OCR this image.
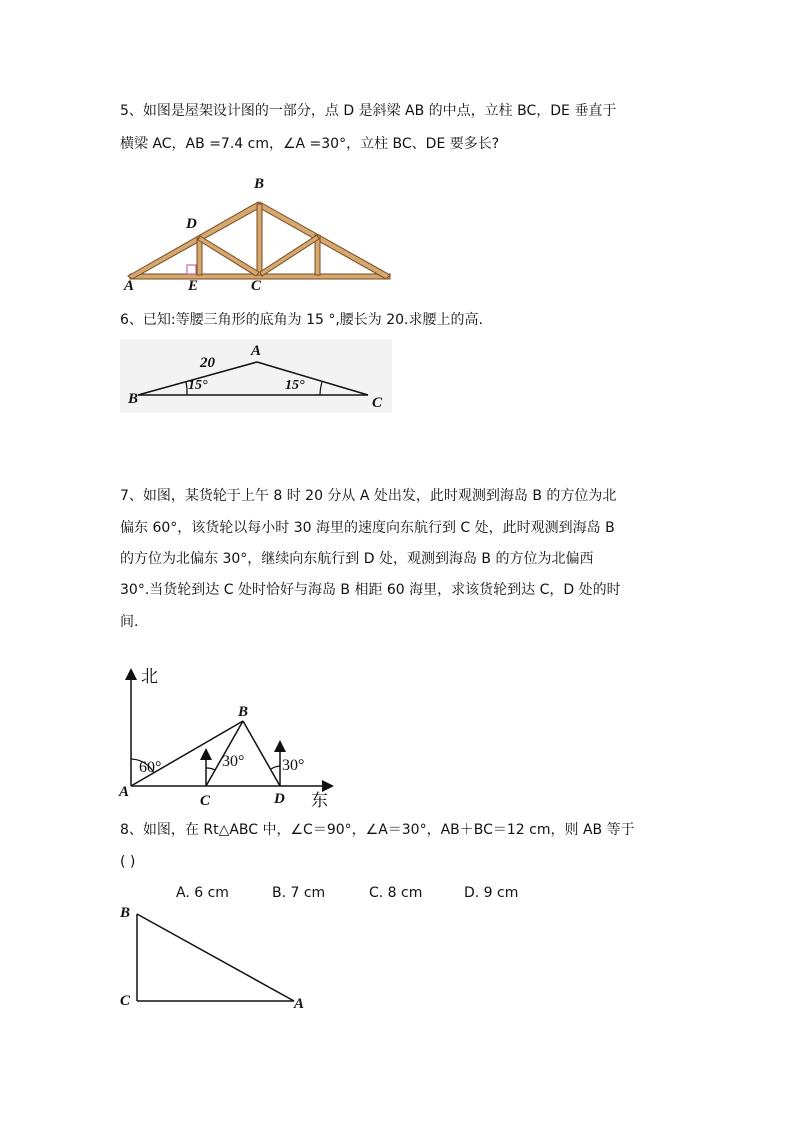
5、如图是屋架设计图的一部分，点 D 是斜梁 AB 的中点，立柱 BC，DE 垂直于
横梁 AC，AB =7.4 cm，∠A =30°，立柱 BC、DE 要多长?
B
D
A	E	C
6、已知:等腰三角形的底角为 15 °,腰长为 20.求腰上的高.
A
B	C
20
15°	15°
7、如图，某货轮于上午 8 时 20 分从 A 处出发，此时观测到海岛 B 的方位为北
偏东 60°，该货轮以每小时 30 海里的速度向东航行到 C 处，此时观测到海岛 B
的方位为北偏东 30°，继续向东航行到 D 处，观测到海岛 B 的方位为北偏西
30°.当货轮到达 C 处时恰好与海岛 B 相距 60 海里，求该货轮到达 C，D 处的时
间.
北
东
B
A
C	D
60°	30° 30°
8、如图，在 Rt△ABC 中，∠C＝90°，∠A＝30°，AB＋BC＝12 cm，则 AB 等于
( )
A. 6 cm	B. 7 cm	C. 8 cm	D. 9 cm
B
C	A
